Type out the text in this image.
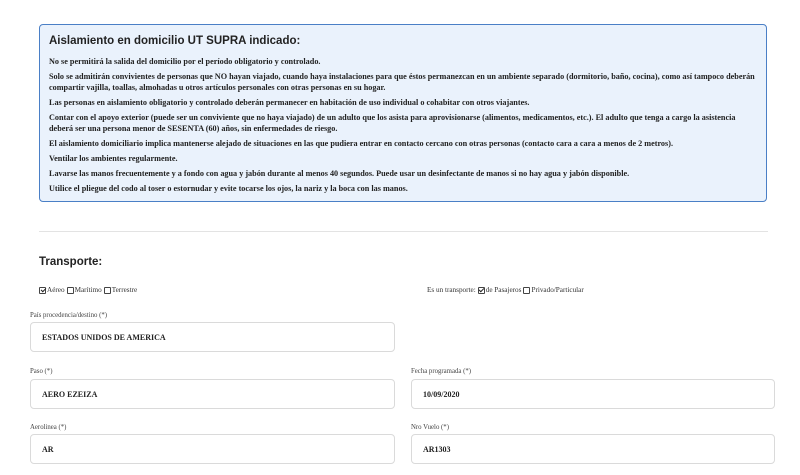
Aislamiento en domicilio UT SUPRA indicado:
No se permitirá la salida del domicilio por el período obligatorio y controlado.
Solo se admitirán convivientes de personas que NO hayan viajado, cuando haya instalaciones para que éstos permanezcan en un ambiente separado (dormitorio, baño, cocina), como así tampoco deberán compartir vajilla, toallas, almohadas u otros artículos personales con otras personas en su hogar.
Las personas en aislamiento obligatorio y controlado deberán permanecer en habitación de uso individual o cohabitar con otros viajantes.
Contar con el apoyo exterior (puede ser un conviviente que no haya viajado) de un adulto que los asista para aprovisionarse (alimentos, medicamentos, etc.). El adulto que tenga a cargo la asistencia deberá ser una persona menor de SESENTA (60) años, sin enfermedades de riesgo.
El aislamiento domiciliario implica mantenerse alejado de situaciones en las que pudiera entrar en contacto cercano con otras personas (contacto cara a cara a menos de 2 metros).
Ventilar los ambientes regularmente.
Lavarse las manos frecuentemente y a fondo con agua y jabón durante al menos 40 segundos. Puede usar un desinfectante de manos si no hay agua y jabón disponible.
Utilice el pliegue del codo al toser o estornudar y evite tocarse los ojos, la nariz y la boca con las manos.
Transporte:
Aéreo Marítimo Terrestre	Es un transporte: de Pasajeros Privado/Particular
País procedencia/destino (*)
ESTADOS UNIDOS DE AMERICA
Paso (*)
AERO EZEIZA
Fecha programada (*)
10/09/2020
Aerolinea (*)
AR
Nro Vuelo (*)
AR1303
